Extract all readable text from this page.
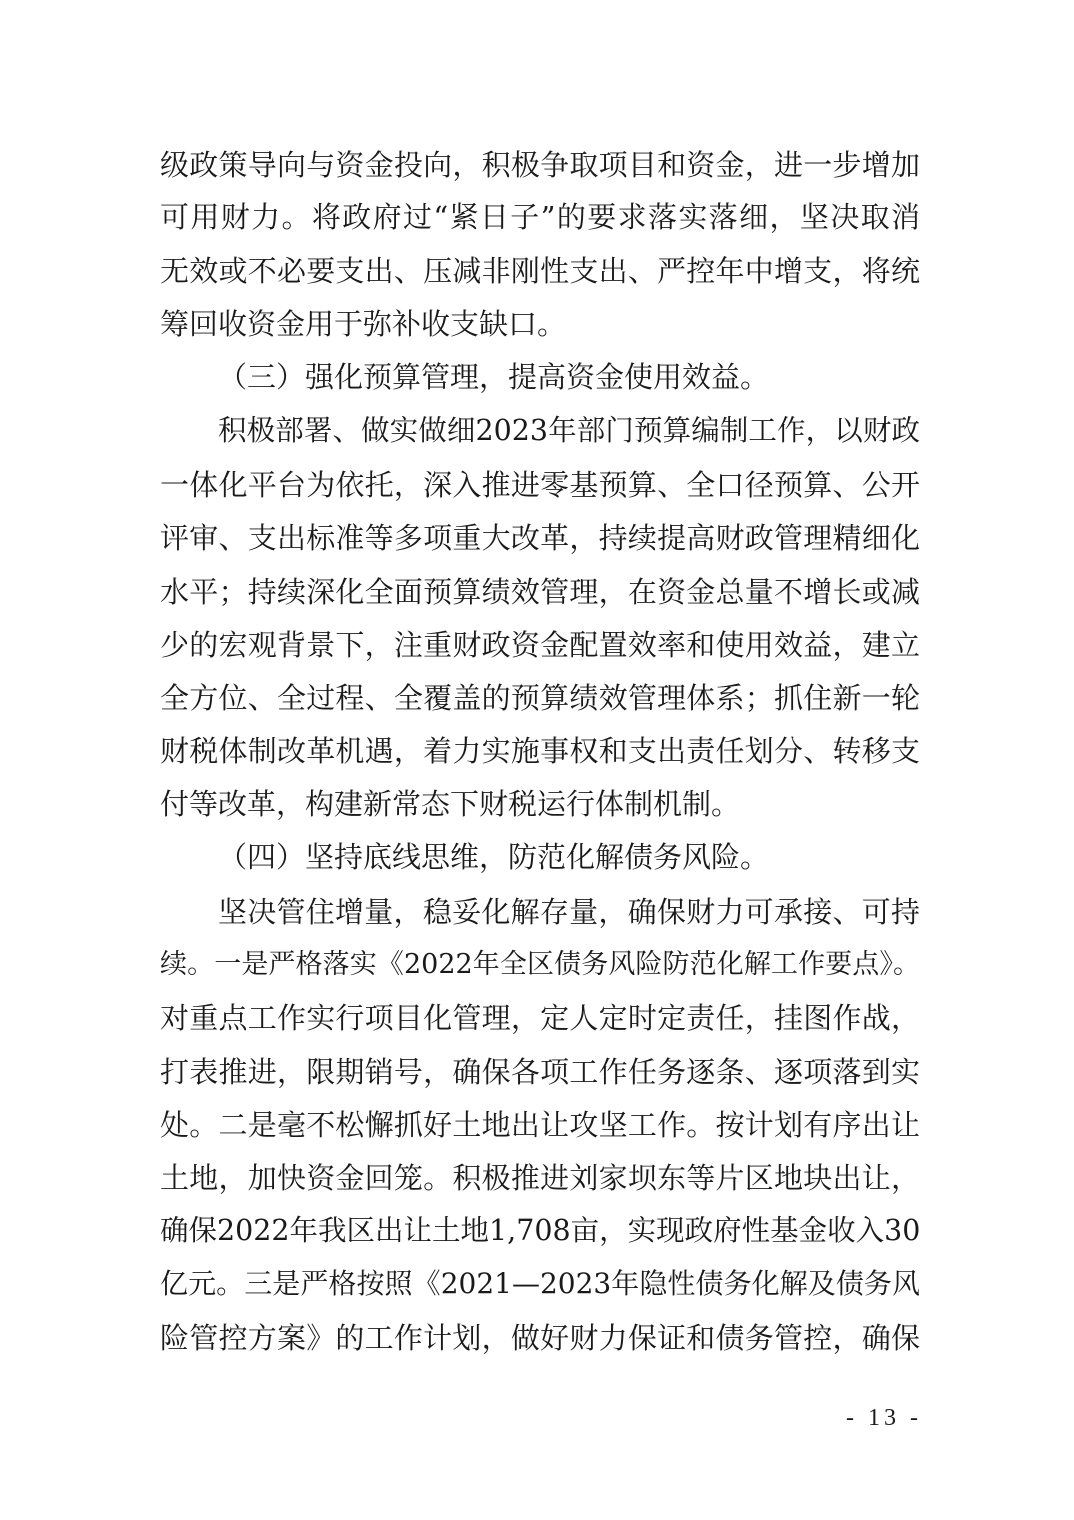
级政策导向与资金投向，积极争取项目和资金，进一步增加
可用财力。将政府过“紧日子”的要求落实落细，坚决取消
无效或不必要支出、压减非刚性支出、严控年中增支，将统
筹回收资金用于弥补收支缺口。
（三）强化预算管理，提高资金使用效益。
积极部署、做实做细2023年部门预算编制工作，以财政
一体化平台为依托，深入推进零基预算、全口径预算、公开
评审、支出标准等多项重大改革，持续提高财政管理精细化
水平；持续深化全面预算绩效管理，在资金总量不增长或减
少的宏观背景下，注重财政资金配置效率和使用效益，建立
全方位、全过程、全覆盖的预算绩效管理体系；抓住新一轮
财税体制改革机遇，着力实施事权和支出责任划分、转移支
付等改革，构建新常态下财税运行体制机制。
（四）坚持底线思维，防范化解债务风险。
坚决管住增量，稳妥化解存量，确保财力可承接、可持
续。一是严格落实《2022年全区债务风险防范化解工作要点》。
对重点工作实行项目化管理，定人定时定责任，挂图作战，
打表推进，限期销号，确保各项工作任务逐条、逐项落到实
处。二是毫不松懈抓好土地出让攻坚工作。按计划有序出让
土地，加快资金回笼。积极推进刘家坝东等片区地块出让，
确保2022年我区出让土地1,708亩，实现政府性基金收入30
亿元。三是严格按照《2021—2023年隐性债务化解及债务风
险管控方案》的工作计划，做好财力保证和债务管控，确保
- 13 -
